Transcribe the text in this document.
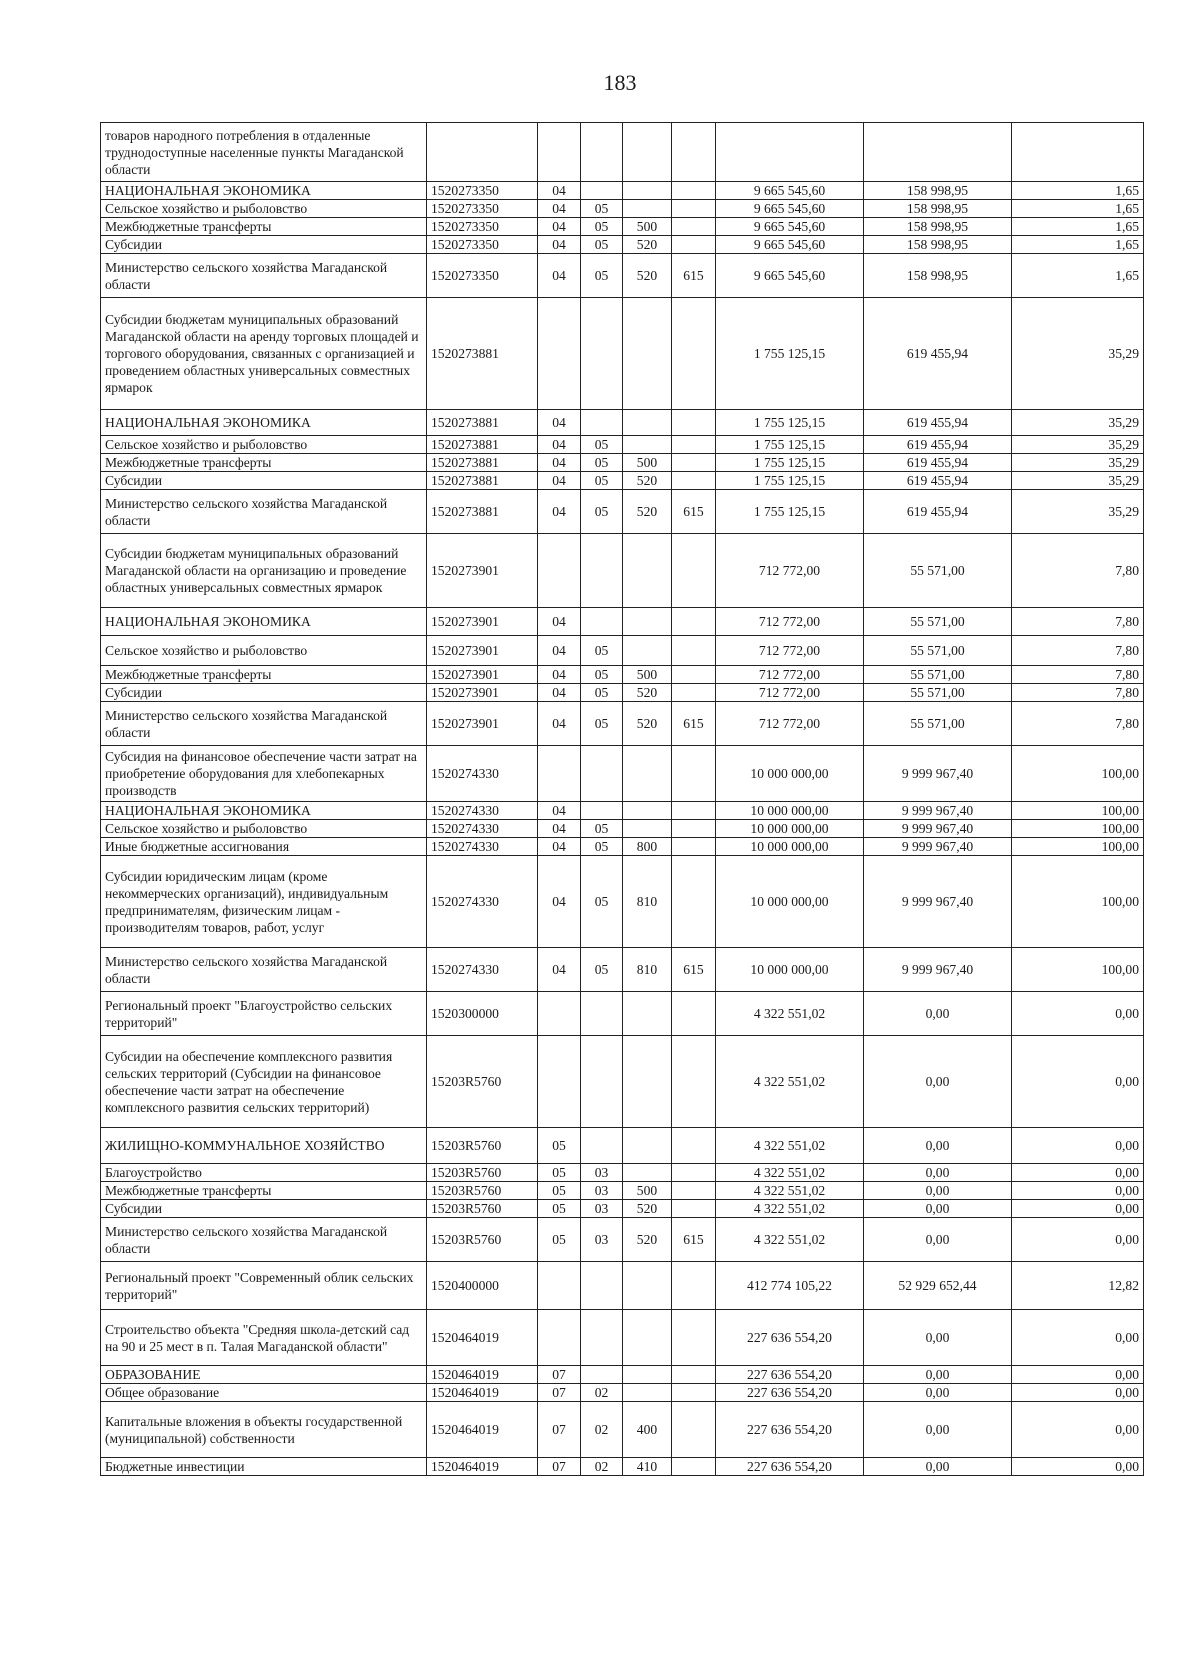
183
товаров народного потребления в отдаленные труднодоступные населенные пункты Магаданской области								
НАЦИОНАЛЬНАЯ ЭКОНОМИКА	1520273350	04				9 665 545,60	158 998,95	1,65
Сельское хозяйство и рыболовство	1520273350	04	05			9 665 545,60	158 998,95	1,65
Межбюджетные трансферты	1520273350	04	05	500		9 665 545,60	158 998,95	1,65
Субсидии	1520273350	04	05	520		9 665 545,60	158 998,95	1,65
Министерство сельского хозяйства Магаданской области	1520273350	04	05	520	615	9 665 545,60	158 998,95	1,65
Субсидии бюджетам муниципальных образований Магаданской области на аренду торговых площадей и торгового оборудования, связанных с организацией и проведением областных универсальных совместных ярмарок	1520273881					1 755 125,15	619 455,94	35,29
НАЦИОНАЛЬНАЯ ЭКОНОМИКА	1520273881	04				1 755 125,15	619 455,94	35,29
Сельское хозяйство и рыболовство	1520273881	04	05			1 755 125,15	619 455,94	35,29
Межбюджетные трансферты	1520273881	04	05	500		1 755 125,15	619 455,94	35,29
Субсидии	1520273881	04	05	520		1 755 125,15	619 455,94	35,29
Министерство сельского хозяйства Магаданской области	1520273881	04	05	520	615	1 755 125,15	619 455,94	35,29
Субсидии бюджетам муниципальных образований Магаданской области на организацию и проведение областных универсальных совместных ярмарок	1520273901					712 772,00	55 571,00	7,80
НАЦИОНАЛЬНАЯ ЭКОНОМИКА	1520273901	04				712 772,00	55 571,00	7,80
Сельское хозяйство и рыболовство	1520273901	04	05			712 772,00	55 571,00	7,80
Межбюджетные трансферты	1520273901	04	05	500		712 772,00	55 571,00	7,80
Субсидии	1520273901	04	05	520		712 772,00	55 571,00	7,80
Министерство сельского хозяйства Магаданской области	1520273901	04	05	520	615	712 772,00	55 571,00	7,80
Субсидия на финансовое обеспечение части затрат на приобретение оборудования для хлебопекарных производств	1520274330					10 000 000,00	9 999 967,40	100,00
НАЦИОНАЛЬНАЯ ЭКОНОМИКА	1520274330	04				10 000 000,00	9 999 967,40	100,00
Сельское хозяйство и рыболовство	1520274330	04	05			10 000 000,00	9 999 967,40	100,00
Иные бюджетные ассигнования	1520274330	04	05	800		10 000 000,00	9 999 967,40	100,00
Субсидии юридическим лицам (кроме некоммерческих организаций), индивидуальным предпринимателям, физическим лицам - производителям товаров, работ, услуг	1520274330	04	05	810		10 000 000,00	9 999 967,40	100,00
Министерство сельского хозяйства Магаданской области	1520274330	04	05	810	615	10 000 000,00	9 999 967,40	100,00
Региональный проект "Благоустройство сельских территорий"	1520300000					4 322 551,02	0,00	0,00
Субсидии на обеспечение комплексного развития сельских территорий (Субсидии на финансовое обеспечение части затрат на обеспечение комплексного развития сельских территорий)	15203R5760					4 322 551,02	0,00	0,00
ЖИЛИЩНО-КОММУНАЛЬНОЕ ХОЗЯЙСТВО	15203R5760	05				4 322 551,02	0,00	0,00
Благоустройство	15203R5760	05	03			4 322 551,02	0,00	0,00
Межбюджетные трансферты	15203R5760	05	03	500		4 322 551,02	0,00	0,00
Субсидии	15203R5760	05	03	520		4 322 551,02	0,00	0,00
Министерство сельского хозяйства Магаданской области	15203R5760	05	03	520	615	4 322 551,02	0,00	0,00
Региональный проект "Современный облик сельских территорий"	1520400000					412 774 105,22	52 929 652,44	12,82
Строительство объекта "Средняя школа-детский сад на 90 и 25 мест в п. Талая Магаданской области"	1520464019					227 636 554,20	0,00	0,00
ОБРАЗОВАНИЕ	1520464019	07				227 636 554,20	0,00	0,00
Общее образование	1520464019	07	02			227 636 554,20	0,00	0,00
Капитальные вложения в объекты государственной (муниципальной) собственности	1520464019	07	02	400		227 636 554,20	0,00	0,00
Бюджетные инвестиции	1520464019	07	02	410		227 636 554,20	0,00	0,00
